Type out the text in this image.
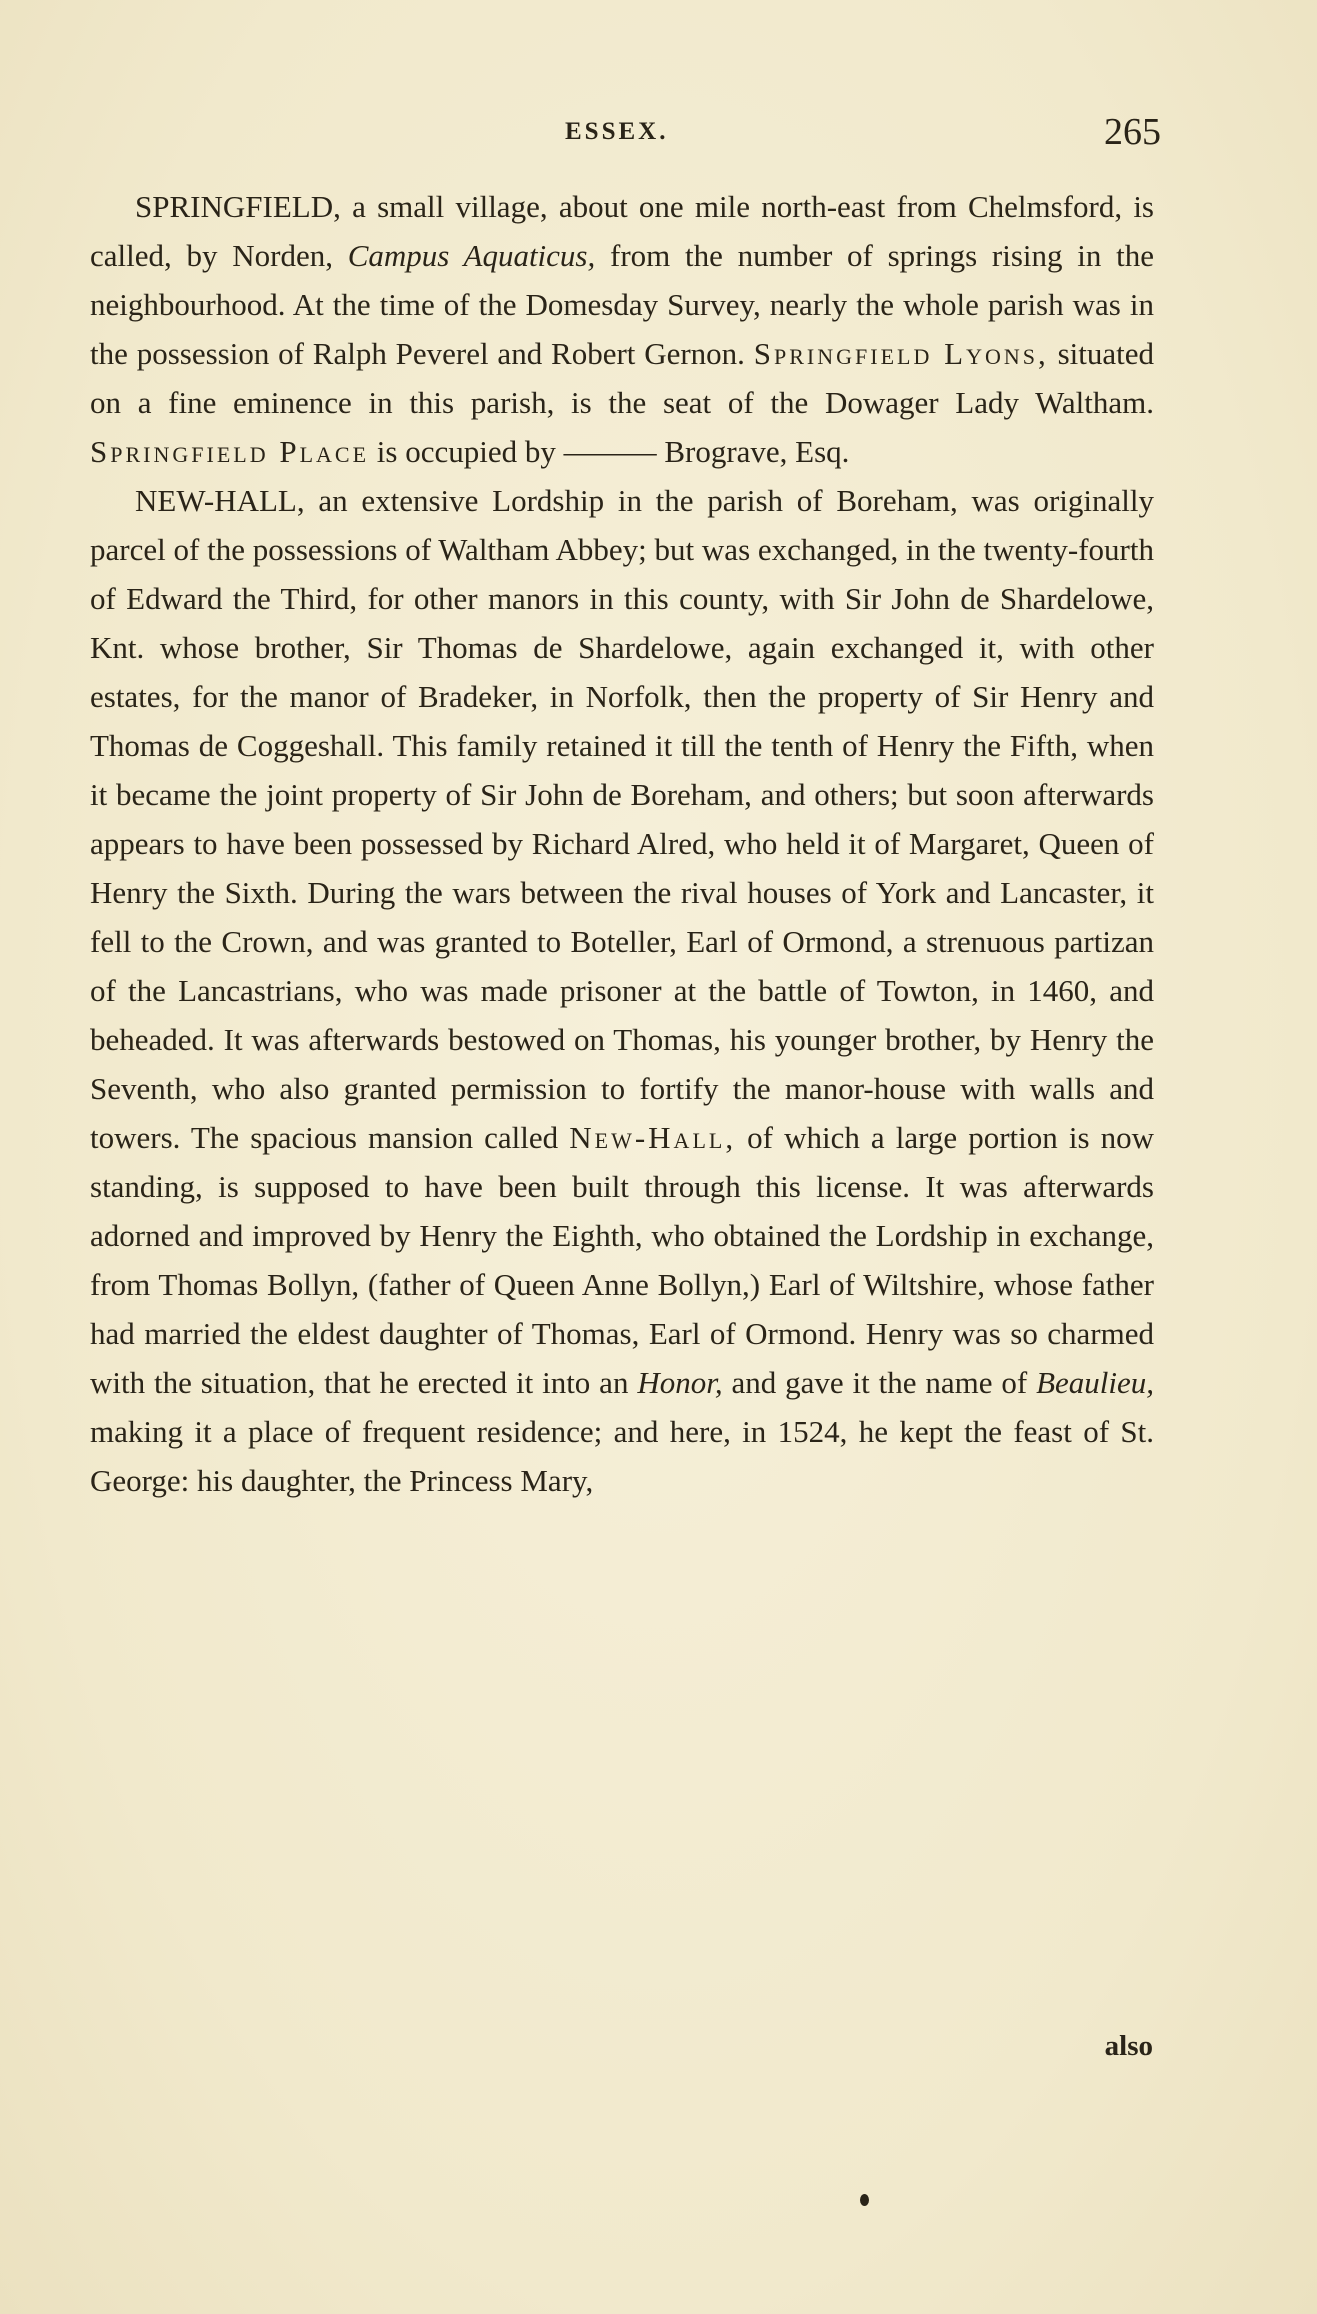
ESSEX.	265

SPRINGFIELD, a small village, about one mile north-east from Chelmsford, is called, by Norden, Campus Aquaticus, from the number of springs rising in the neighbourhood. At the time of the Domesday Survey, nearly the whole parish was in the possession of Ralph Peverel and Robert Gernon. Springfield Lyons, situated on a fine eminence in this parish, is the seat of the Dowager Lady Waltham. Springfield Place is occupied by ——— Brograve, Esq.

NEW-HALL, an extensive Lordship in the parish of Boreham, was originally parcel of the possessions of Waltham Abbey; but was exchanged, in the twenty-fourth of Edward the Third, for other manors in this county, with Sir John de Shardelowe, Knt. whose brother, Sir Thomas de Shardelowe, again exchanged it, with other estates, for the manor of Bradeker, in Norfolk, then the property of Sir Henry and Thomas de Coggeshall. This family retained it till the tenth of Henry the Fifth, when it became the joint property of Sir John de Boreham, and others; but soon afterwards appears to have been possessed by Richard Alred, who held it of Margaret, Queen of Henry the Sixth. During the wars between the rival houses of York and Lancaster, it fell to the Crown, and was granted to Boteller, Earl of Ormond, a strenuous partizan of the Lancastrians, who was made prisoner at the battle of Towton, in 1460, and beheaded. It was afterwards bestowed on Thomas, his younger brother, by Henry the Seventh, who also granted permission to fortify the manor-house with walls and towers. The spacious mansion called New-Hall, of which a large portion is now standing, is supposed to have been built through this license. It was afterwards adorned and improved by Henry the Eighth, who obtained the Lordship in exchange, from Thomas Bollyn, (father of Queen Anne Bollyn,) Earl of Wiltshire, whose father had married the eldest daughter of Thomas, Earl of Ormond. Henry was so charmed with the situation, that he erected it into an Honor, and gave it the name of Beaulieu, making it a place of frequent residence; and here, in 1524, he kept the feast of St. George: his daughter, the Princess Mary,

also
